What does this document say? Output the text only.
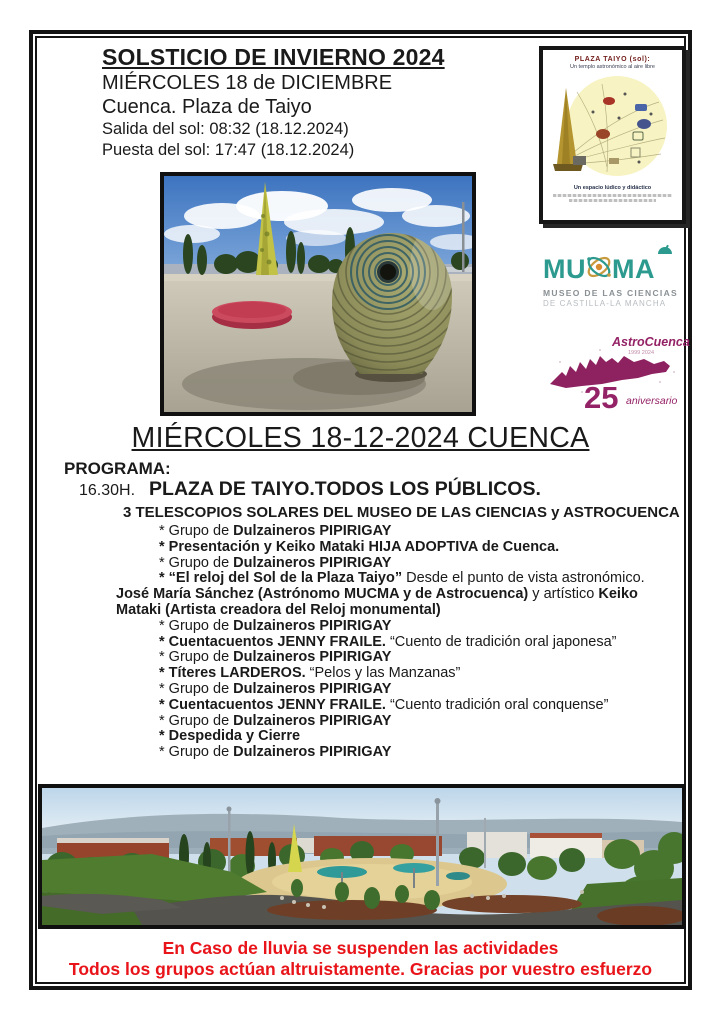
SOLSTICIO DE INVIERNO 2024
MIÉRCOLES 18 de DICIEMBRE
Cuenca. Plaza de Taiyo
Salida del sol: 08:32 (18.12.2024)
Puesta del sol: 17:47 (18.12.2024)
PLAZA TAIYO (sol):
Un templo astronómico al aire libre
Un espacio lúdico y didáctico
MU MA
MUSEO DE LAS CIENCIAS
DE CASTILLA-LA MANCHA
AstroCuenca
1999 2024
25 aniversario
MIÉRCOLES 18-12-2024 CUENCA
PROGRAMA:
16.30H. PLAZA DE TAIYO.TODOS LOS PÚBLICOS.
3 TELESCOPIOS SOLARES DEL MUSEO DE LAS CIENCIAS y ASTROCUENCA
* Grupo de Dulzaineros PIPIRIGAY
* Presentación y Keiko Mataki HIJA ADOPTIVA de Cuenca.
* Grupo de Dulzaineros PIPIRIGAY
* “El reloj del Sol de la Plaza Taiyo” Desde el punto de vista astronómico.
José María Sánchez (Astrónomo MUCMA y de Astrocuenca) y artístico Keiko Mataki (Artista creadora del Reloj monumental)
* Grupo de Dulzaineros PIPIRIGAY
* Cuentacuentos JENNY FRAILE. “Cuento de tradición oral japonesa”
* Grupo de Dulzaineros PIPIRIGAY
* Títeres LARDEROS. “Pelos y las Manzanas”
* Grupo de Dulzaineros PIPIRIGAY
* Cuentacuentos JENNY FRAILE. “Cuento tradición oral conquense”
* Grupo de Dulzaineros PIPIRIGAY
* Despedida y Cierre
* Grupo de Dulzaineros PIPIRIGAY
En Caso de lluvia se suspenden las actividades
Todos los grupos actúan altruistamente. Gracias por vuestro esfuerzo
